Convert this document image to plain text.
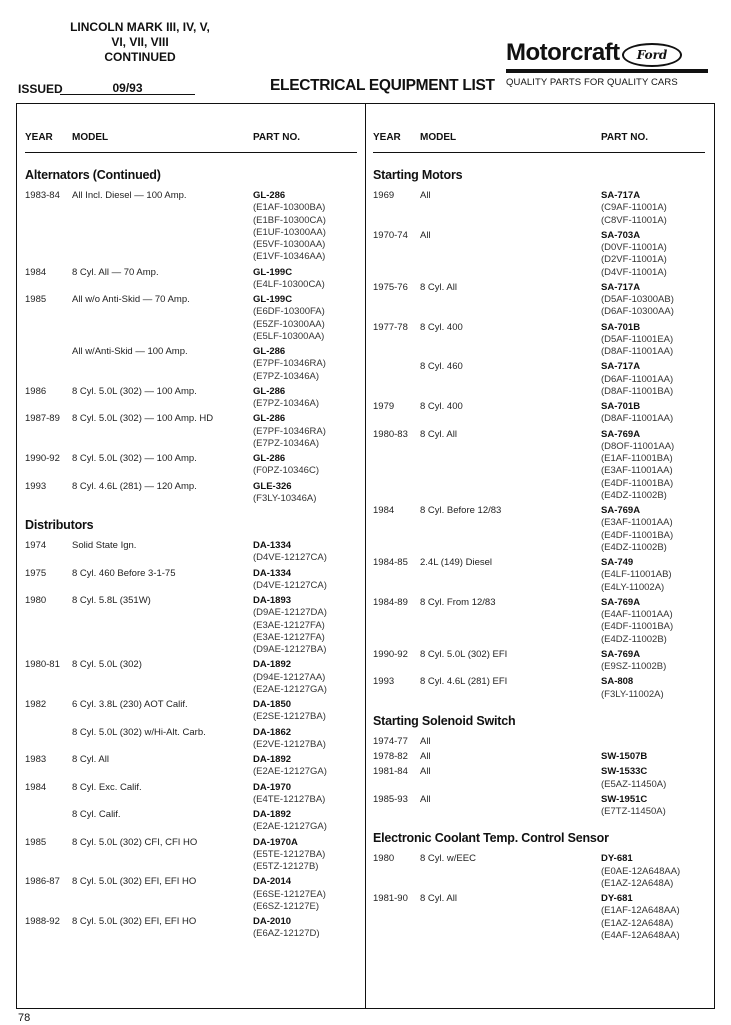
LINCOLN MARK III, IV, V,
VI, VII, VIII
CONTINUED	Motorcraft	Ford
QUALITY PARTS FOR QUALITY CARS
ISSUED	09/93	ELECTRICAL EQUIPMENT LIST
YEAR MODEL	PART NO.
Alternators (Continued)
1983-84 All Incl. Diesel — 100 Amp.	GL-286
(E1AF-10300BA)
(E1BF-10300CA)
(E1UF-10300AA)
(E5VF-10300AA)
(E1VF-10346AA)
1984	8 Cyl. All — 70 Amp.	GL-199C
(E4LF-10300CA)
1985	All w/o Anti-Skid — 70 Amp.	GL-199C
(E6DF-10300FA)
(E5ZF-10300AA)
(E5LF-10300AA)
All w/Anti-Skid — 100 Amp.	GL-286
(E7PF-10346RA)
(E7PZ-10346A)
1986	8 Cyl. 5.0L (302) — 100 Amp.	GL-286
(E7PZ-10346A)
1987-89 8 Cyl. 5.0L (302) — 100 Amp. HD	GL-286
(E7PF-10346RA)
(E7PZ-10346A)
1990-92 8 Cyl. 5.0L (302) — 100 Amp.	GL-286
(F0PZ-10346C)
1993	8 Cyl. 4.6L (281) — 120 Amp.	GLE-326
(F3LY-10346A)
Distributors
1974	Solid State Ign.	DA-1334
(D4VE-12127CA)
1975	8 Cyl. 460 Before 3-1-75	DA-1334
(D4VE-12127CA)
1980	8 Cyl. 5.8L (351W)	DA-1893
(D9AE-12127DA)
(E3AE-12127FA)
(E3AE-12127FA)
(D9AE-12127BA)
1980-81 8 Cyl. 5.0L (302)	DA-1892
(D94E-12127AA)
(E2AE-12127GA)
1982	6 Cyl. 3.8L (230) AOT Calif.	DA-1850
(E2SE-12127BA)
8 Cyl. 5.0L (302) w/Hi-Alt. Carb.	DA-1862
(E2VE-12127BA)
1983	8 Cyl. All	DA-1892
(E2AE-12127GA)
1984	8 Cyl. Exc. Calif.	DA-1970
(E4TE-12127BA)
8 Cyl. Calif.	DA-1892
(E2AE-12127GA)
1985	8 Cyl. 5.0L (302) CFI, CFI HO	DA-1970A
(E5TE-12127BA)
(E5TZ-12127B)
1986-87 8 Cyl. 5.0L (302) EFI, EFI HO	DA-2014
(E6SE-12127EA)
(E6SZ-12127E)
1988-92 8 Cyl. 5.0L (302) EFI, EFI HO	DA-2010
(E6AZ-12127D)
YEAR MODEL	PART NO.
Starting Motors
1969	All	SA-717A
(C9AF-11001A)
(C8VF-11001A)
1970-74 All	SA-703A
(D0VF-11001A)
(D2VF-11001A)
(D4VF-11001A)
1975-76 8 Cyl. All	SA-717A
(D5AF-10300AB)
(D6AF-10300AA)
1977-78 8 Cyl. 400	SA-701B
(D5AF-11001EA)
(D8AF-11001AA)
8 Cyl. 460	SA-717A
(D6AF-11001AA)
(D8AF-11001BA)
1979	8 Cyl. 400	SA-701B
(D8AF-11001AA)
1980-83 8 Cyl. All	SA-769A
(D8OF-11001AA)
(E1AF-11001BA)
(E3AF-11001AA)
(E4DF-11001BA)
(E4DZ-11002B)
1984	8 Cyl. Before 12/83	SA-769A
(E3AF-11001AA)
(E4DF-11001BA)
(E4DZ-11002B)
1984-85 2.4L (149) Diesel	SA-749
(E4LF-11001AB)
(E4LY-11002A)
1984-89 8 Cyl. From 12/83	SA-769A
(E4AF-11001AA)
(E4DF-11001BA)
(E4DZ-11002B)
1990-92 8 Cyl. 5.0L (302) EFI	SA-769A
(E9SZ-11002B)
1993	8 Cyl. 4.6L (281) EFI	SA-808
(F3LY-11002A)
Starting Solenoid Switch
1974-77 All
1978-82 All	SW-1507B
1981-84 All	SW-1533C
(E5AZ-11450A)
1985-93 All	SW-1951C
(E7TZ-11450A)
Electronic Coolant Temp. Control Sensor
1980	8 Cyl. w/EEC	DY-681
(E0AE-12A648AA)
(E1AZ-12A648A)
1981-90 8 Cyl. All	DY-681
(E1AF-12A648AA)
(E1AZ-12A648A)
(E4AF-12A648AA)
78
